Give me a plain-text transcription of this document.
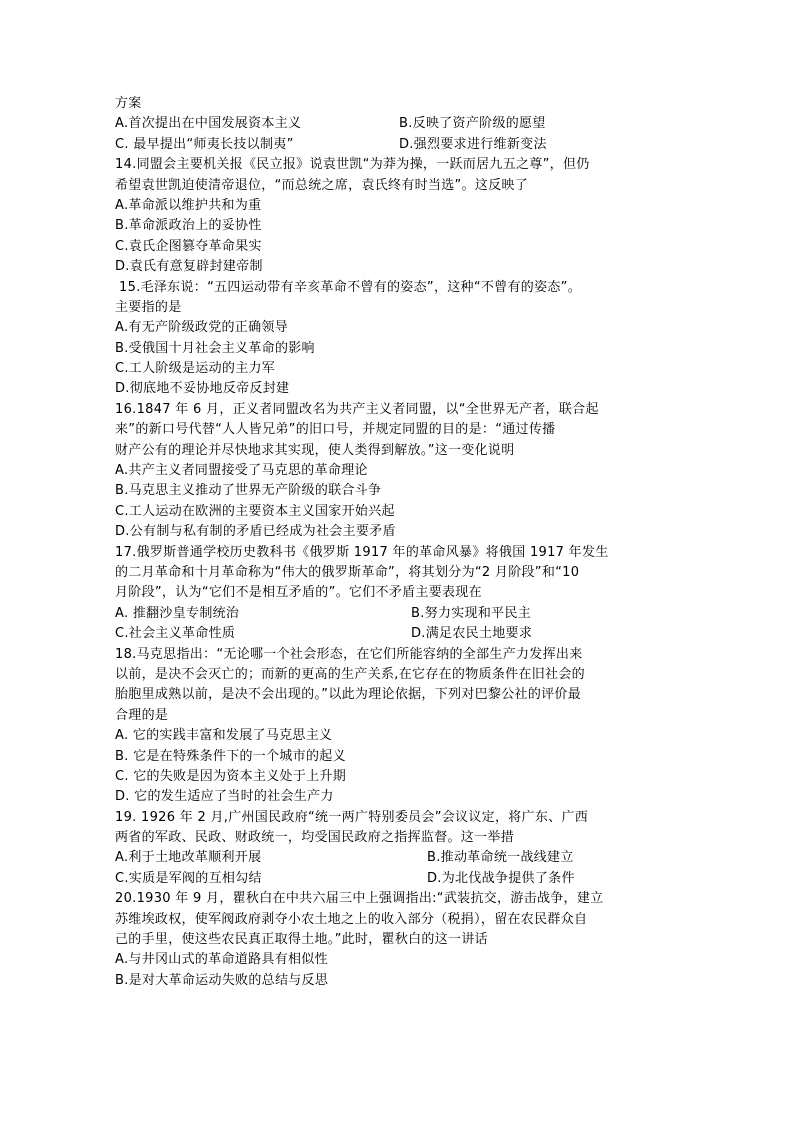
方案
A.首次提出在中国发展资本主义	B.反映了资产阶级的愿望
C. 最早提出“师夷长技以制夷”	D.强烈要求进行维新变法
14.同盟会主要机关报《民立报》说袁世凯“为莽为操，一跃而居九五之尊”，但仍
希望袁世凯迫使清帝退位，“而总统之席，袁氏终有时当选”。这反映了
A.革命派以维护共和为重
B.革命派政治上的妥协性
C.袁氏企图篡夺革命果实
D.袁氏有意复辟封建帝制
15.毛泽东说：“五四运动带有辛亥革命不曾有的姿态”，这种“不曾有的姿态”。
主要指的是
A.有无产阶级政党的正确领导
B.受俄国十月社会主义革命的影响
C.工人阶级是运动的主力军
D.彻底地不妥协地反帝反封建
16.1847 年 6 月，正义者同盟改名为共产主义者同盟，以“全世界无产者，联合起
来”的新口号代替“人人皆兄弟”的旧口号，并规定同盟的目的是：“通过传播
财产公有的理论并尽快地求其实现，使人类得到解放。”这一变化说明
A.共产主义者同盟接受了马克思的革命理论
B.马克思主义推动了世界无产阶级的联合斗争
C.工人运动在欧洲的主要资本主义国家开始兴起
D.公有制与私有制的矛盾已经成为社会主要矛盾
17.俄罗斯普通学校历史教科书《俄罗斯 1917 年的革命风暴》将俄国 1917 年发生
的二月革命和十月革命称为“伟大的俄罗斯革命”，将其划分为“2 月阶段”和“10
月阶段”，认为“它们不是相互矛盾的”。它们不矛盾主要表现在
A. 推翻沙皇专制统治	B.努力实现和平民主
C.社会主义革命性质	D.满足农民土地要求
18.马克思指出：“无论哪一个社会形态，在它们所能容纳的全部生产力发挥出来
以前，是决不会灭亡的；而新的更高的生产关系,在它存在的物质条件在旧社会的
胎胞里成熟以前，是决不会出现的。”以此为理论依据，下列对巴黎公社的评价最
合理的是
A. 它的实践丰富和发展了马克思主义
B. 它是在特殊条件下的一个城市的起义
C. 它的失败是因为资本主义处于上升期
D. 它的发生适应了当时的社会生产力
19. 1926 年 2 月,广州国民政府“统一两广特别委员会”会议议定，将广东、广西
两省的军政、民政、财政统一，均受国民政府之指挥监督。这一举措
A.利于土地改革顺利开展	B.推动革命统一战线建立
C.实质是军阀的互相勾结	D.为北伐战争提供了条件
20.1930 年 9 月，瞿秋白在中共六届三中上强调指出:“武装抗交，游击战争，建立
苏维埃政权，使军阀政府剥夺小农土地之上的收入部分（税捐），留在农民群众自
己的手里，使这些农民真正取得土地。”此时，瞿秋白的这一讲话
A.与井冈山式的革命道路具有相似性
B.是对大革命运动失败的总结与反思
